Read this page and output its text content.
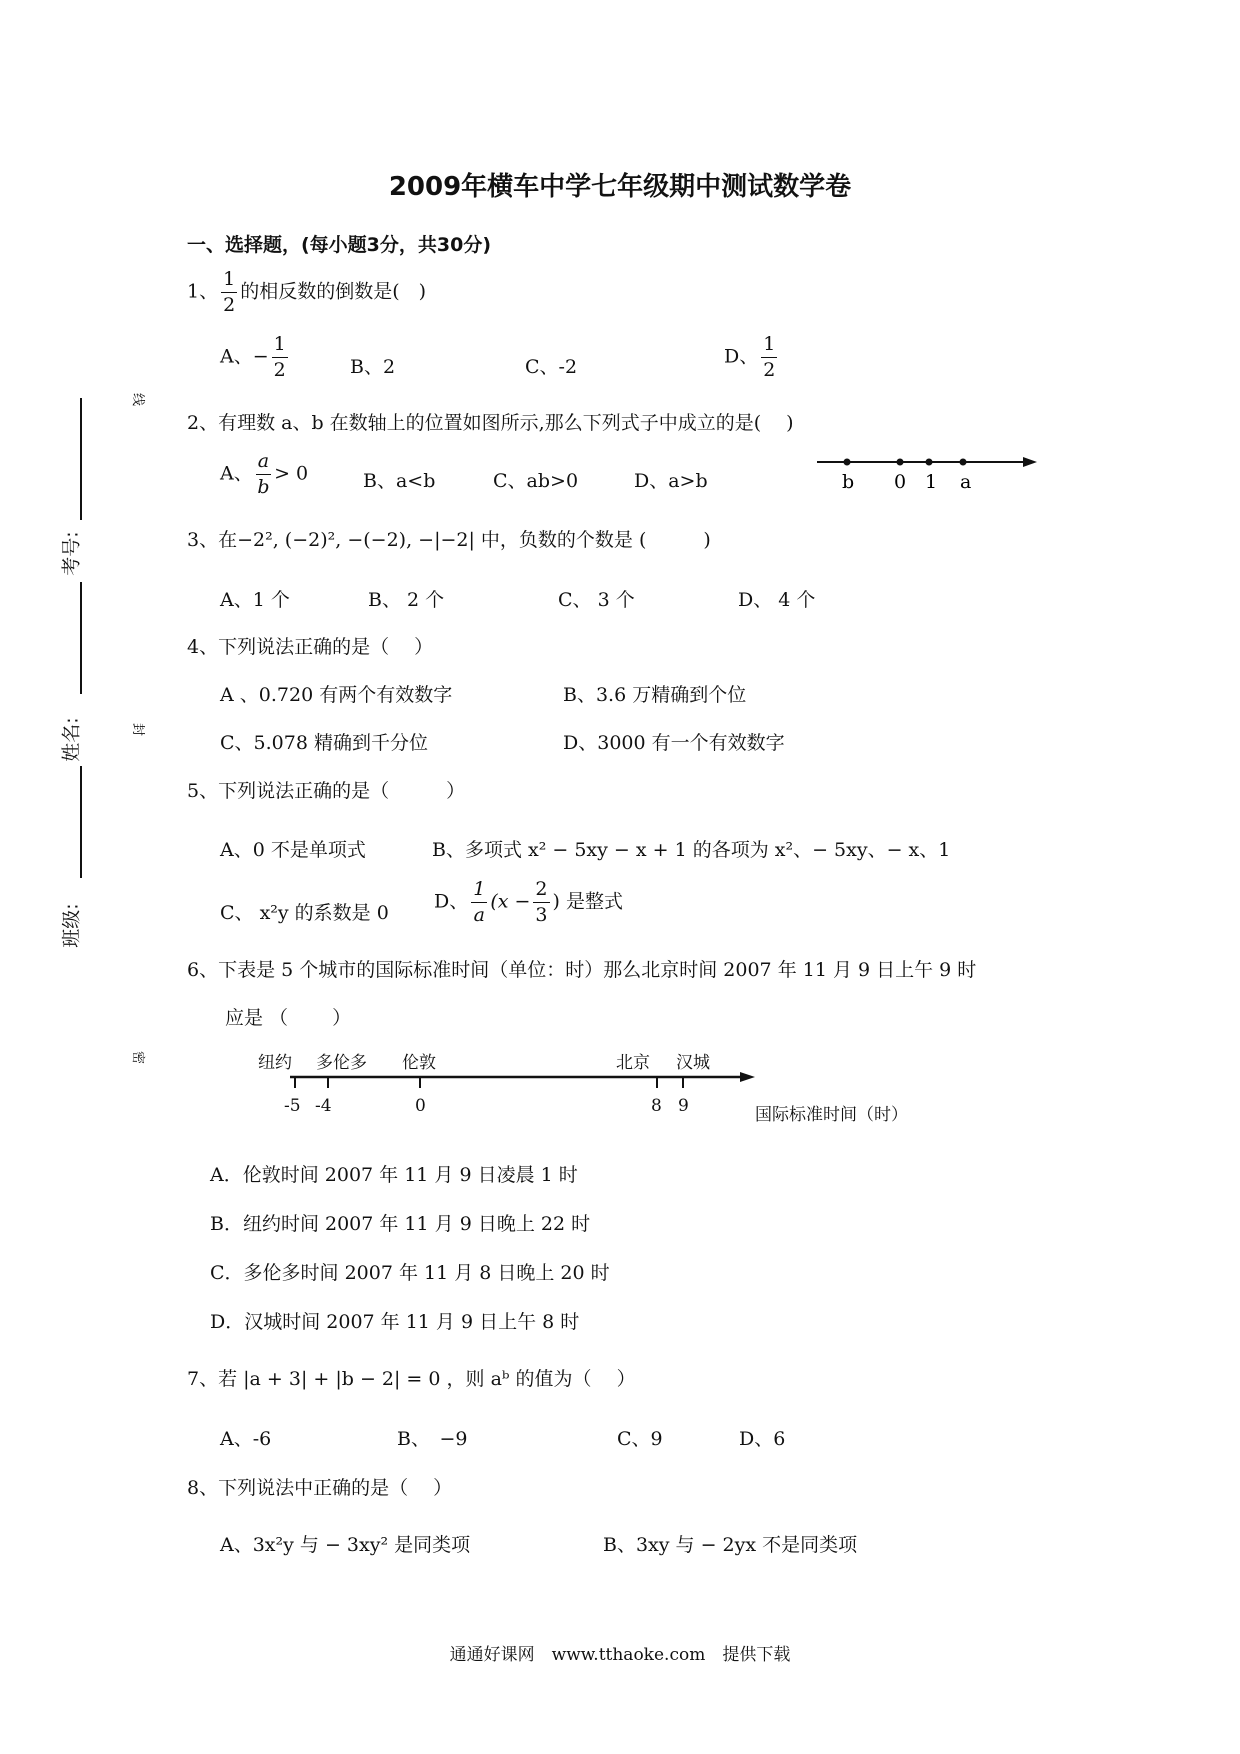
考号:
姓名:
班级:
线
封
密
2009年横车中学七年级期中测试数学卷
一、选择题，(每小题3分，共30分)
1、 $\frac{1}{2}$ 的相反数的倒数是(　)
A、− $\frac{1}{2}$	B、2	C、-2	D、 $\frac{1}{2}$
2、有理数 a、b 在数轴上的位置如图所示,那么下列式子中成立的是(　 )
A、 $\frac{a}{b} > 0$	B、a<b	C、ab>0	D、a>b	b 0 1 a
3、在−2², (−2)², −(−2), −|−2| 中，负数的个数是 (　　　)
A、1 个	B、 2 个	C、 3 个	D、 4 个
4、下列说法正确的是（　 ）
A 、0.720 有两个有效数字	B、3.6 万精确到个位
C、5.078 精确到千分位	D、3000 有一个有效数字
5、下列说法正确的是（　　　）
A、0 不是单项式	B、多项式 x² − 5xy − x + 1 的各项为 x²、− 5xy、− x、1
C、 x²y 的系数是 0
D、 $\frac{1}{a} (x - \frac{2}{3}$ ) 是整式
6、下表是 5 个城市的国际标准时间（单位：时）那么北京时间 2007 年 11 月 9 日上午 9 时
应是 （　　 ）
纽约 多伦多 伦敦	北京 汉城
-5 -4	0	8 9	国际标准时间（时）
A．伦敦时间 2007 年 11 月 9 日凌晨 1 时
B．纽约时间 2007 年 11 月 9 日晚上 22 时
C．多伦多时间 2007 年 11 月 8 日晚上 20 时
D．汉城时间 2007 年 11 月 9 日上午 8 时
7、若 |a + 3| + |b − 2| = 0 ，则 aᵇ 的值为（　 ）
A、-6	B、　−9	C、9	D、6
8、下列说法中正确的是（　 ）
A、3x²y 与 − 3xy² 是同类项	B、3xy 与 − 2yx 不是同类项
通通好课网　www.tthaoke.com　提供下载
